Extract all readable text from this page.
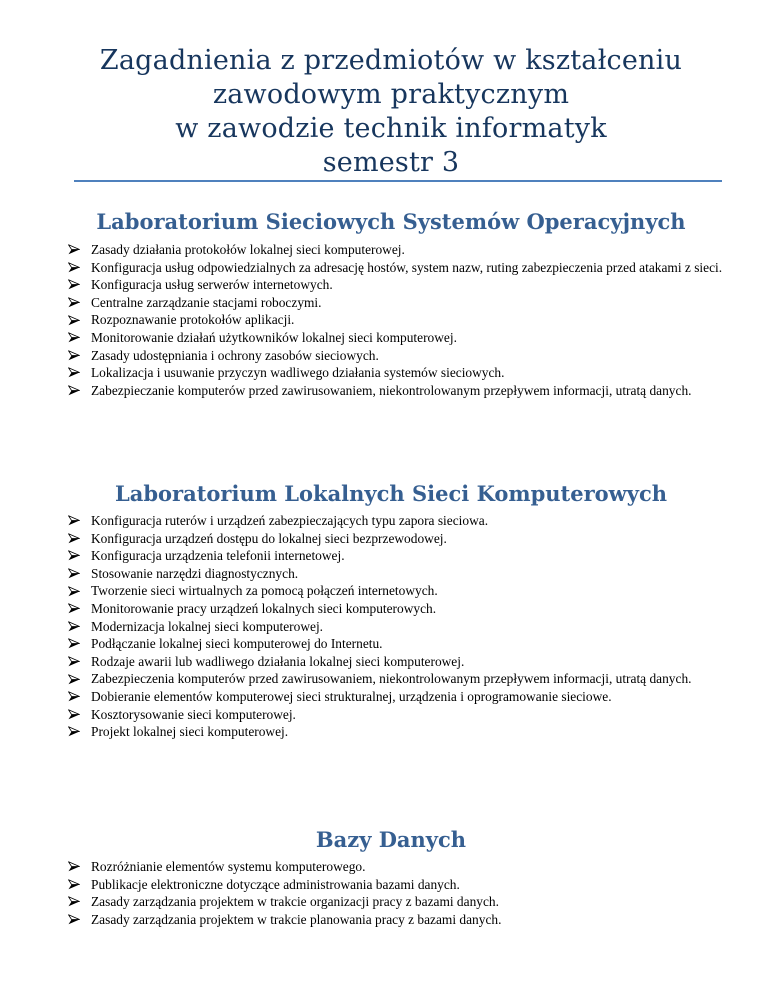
Zagadnienia z przedmiotów w kształceniu
zawodowym praktycznym
w zawodzie technik informatyk
semestr 3
Laboratorium Sieciowych Systemów Operacyjnych
Zasady działania protokołów lokalnej sieci komputerowej.
Konfiguracja usług odpowiedzialnych za adresację hostów, system nazw, ruting zabezpieczenia przed atakami z sieci.
Konfiguracja usług serwerów internetowych.
Centralne zarządzanie stacjami roboczymi.
Rozpoznawanie protokołów aplikacji.
Monitorowanie działań użytkowników lokalnej sieci komputerowej.
Zasady udostępniania i ochrony zasobów sieciowych.
Lokalizacja i usuwanie przyczyn wadliwego działania systemów sieciowych.
Zabezpieczanie komputerów przed zawirusowaniem, niekontrolowanym przepływem informacji, utratą danych.
Laboratorium Lokalnych Sieci Komputerowych
Konfiguracja ruterów i urządzeń zabezpieczających typu zapora sieciowa.
Konfiguracja urządzeń dostępu do lokalnej sieci bezprzewodowej.
Konfiguracja urządzenia telefonii internetowej.
Stosowanie narzędzi diagnostycznych.
Tworzenie sieci wirtualnych za pomocą połączeń internetowych.
Monitorowanie pracy urządzeń lokalnych sieci komputerowych.
Modernizacja lokalnej sieci komputerowej.
Podłączanie lokalnej sieci komputerowej do Internetu.
Rodzaje awarii lub wadliwego działania lokalnej sieci komputerowej.
Zabezpieczenia komputerów przed zawirusowaniem, niekontrolowanym przepływem informacji, utratą danych.
Dobieranie elementów komputerowej sieci strukturalnej, urządzenia i oprogramowanie sieciowe.
Kosztorysowanie sieci komputerowej.
Projekt lokalnej sieci komputerowej.
Bazy Danych
Rozróżnianie elementów systemu komputerowego.
Publikacje elektroniczne dotyczące administrowania bazami danych.
Zasady zarządzania projektem w trakcie organizacji pracy z bazami danych.
Zasady zarządzania projektem w trakcie planowania pracy z bazami danych.
